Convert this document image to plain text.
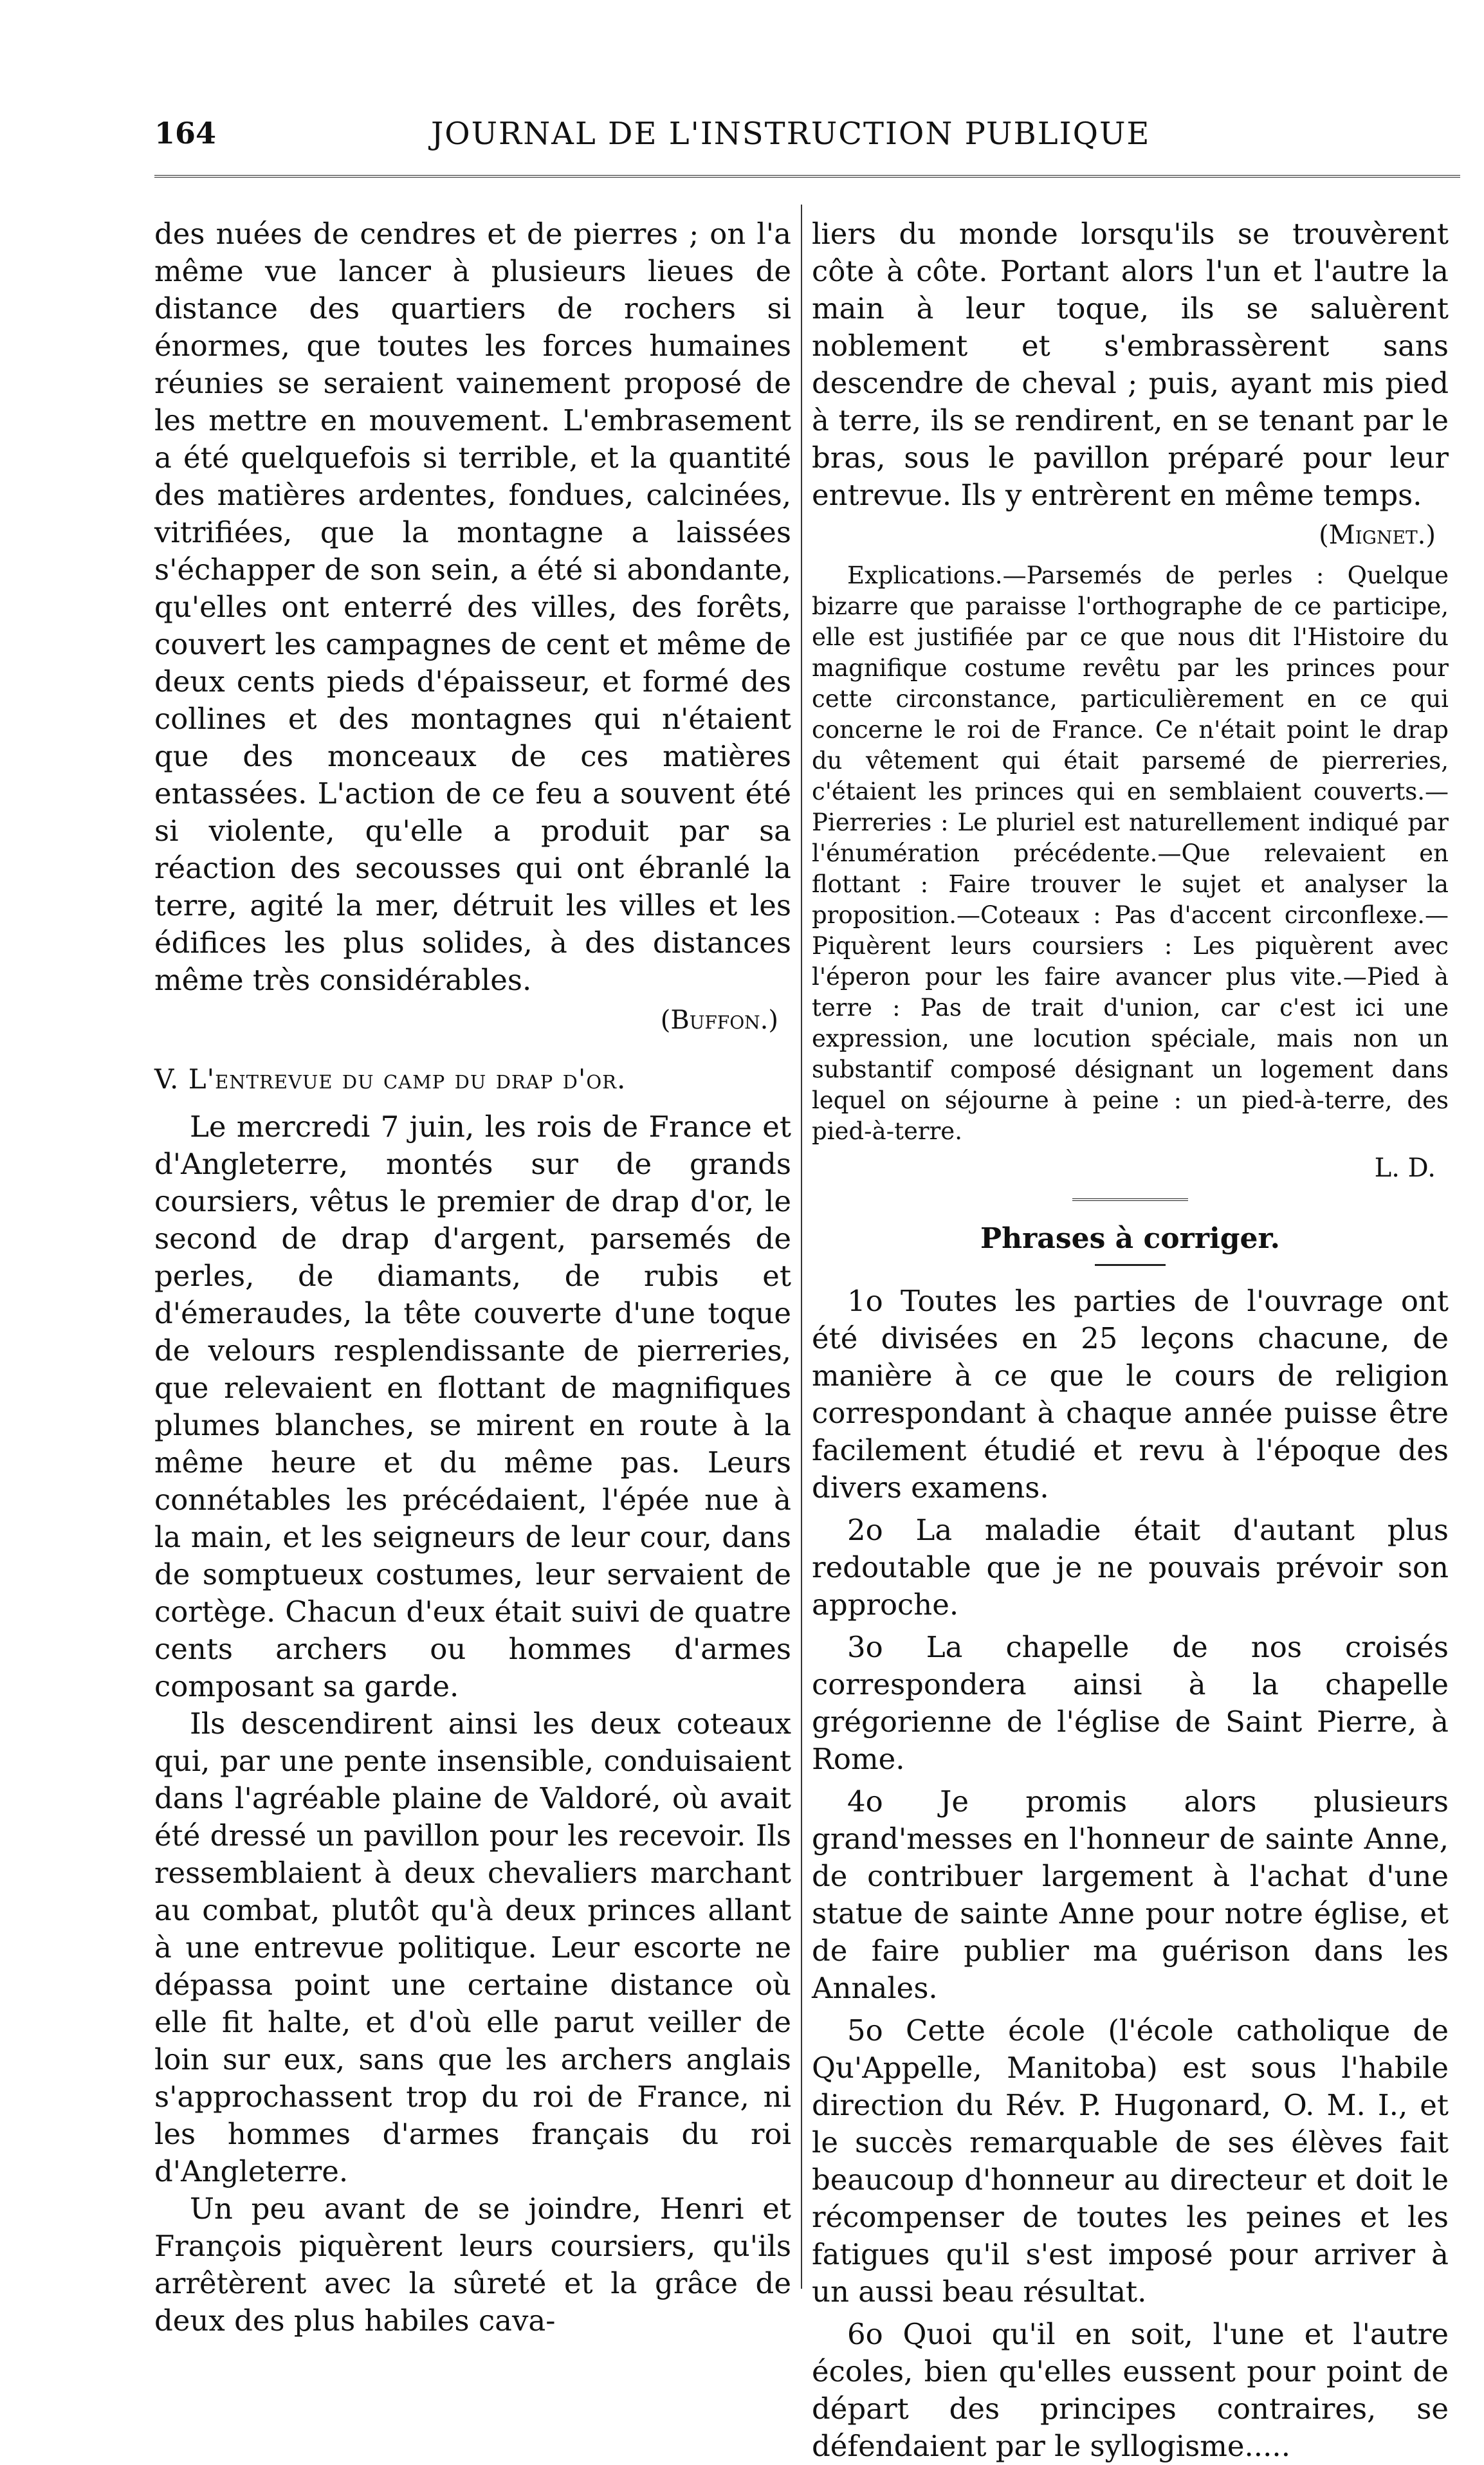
164	JOURNAL DE L'INSTRUCTION PUBLIQUE

des nuées de cendres et de pierres ; on l'a même vue lancer à plusieurs lieues de distance des quartiers de rochers si énormes, que toutes les forces humaines réunies se seraient vainement proposé de les mettre en mouvement. L'embrasement a été quelquefois si terrible, et la quantité des matières ardentes, fondues, calcinées, vitrifiées, que la montagne a laissées s'échapper de son sein, a été si abondante, qu'elles ont enterré des villes, des forêts, couvert les campagnes de cent et même de deux cents pieds d'épaisseur, et formé des collines et des montagnes qui n'étaient que des monceaux de ces matières entassées. L'action de ce feu a souvent été si violente, qu'elle a produit par sa réaction des secousses qui ont ébranlé la terre, agité la mer, détruit les villes et les édifices les plus solides, à des distances même très considérables.

(Buffon.)

V. L'entrevue du camp du drap d'or.

Le mercredi 7 juin, les rois de France et d'Angleterre, montés sur de grands coursiers, vêtus le premier de drap d'or, le second de drap d'argent, parsemés de perles, de diamants, de rubis et d'émeraudes, la tête couverte d'une toque de velours resplendissante de pierreries, que relevaient en flottant de magnifiques plumes blanches, se mirent en route à la même heure et du même pas. Leurs connétables les précédaient, l'épée nue à la main, et les seigneurs de leur cour, dans de somptueux costumes, leur servaient de cortège. Chacun d'eux était suivi de quatre cents archers ou hommes d'armes composant sa garde.

Ils descendirent ainsi les deux coteaux qui, par une pente insensible, conduisaient dans l'agréable plaine de Valdoré, où avait été dressé un pavillon pour les recevoir. Ils ressemblaient à deux chevaliers marchant au combat, plutôt qu'à deux princes allant à une entrevue politique. Leur escorte ne dépassa point une certaine distance où elle fit halte, et d'où elle parut veiller de loin sur eux, sans que les archers anglais s'approchassent trop du roi de France, ni les hommes d'armes français du roi d'Angleterre.

Un peu avant de se joindre, Henri et François piquèrent leurs coursiers, qu'ils arrêtèrent avec la sûreté et la grâce de deux des plus habiles cava-

liers du monde lorsqu'ils se trouvèrent côte à côte. Portant alors l'un et l'autre la main à leur toque, ils se saluèrent noblement et s'embrassèrent sans descendre de cheval ; puis, ayant mis pied à terre, ils se rendirent, en se tenant par le bras, sous le pavillon préparé pour leur entrevue. Ils y entrèrent en même temps.

(Mignet.)

Explications.—Parsemés de perles : Quelque bizarre que paraisse l'orthographe de ce participe, elle est justifiée par ce que nous dit l'Histoire du magnifique costume revêtu par les princes pour cette circonstance, particulièrement en ce qui concerne le roi de France. Ce n'était point le drap du vêtement qui était parsemé de pierreries, c'étaient les princes qui en semblaient couverts.—Pierreries : Le pluriel est naturellement indiqué par l'énumération précédente.—Que relevaient en flottant : Faire trouver le sujet et analyser la proposition.—Coteaux : Pas d'accent circonflexe.—Piquèrent leurs coursiers : Les piquèrent avec l'éperon pour les faire avancer plus vite.—Pied à terre : Pas de trait d'union, car c'est ici une expression, une locution spéciale, mais non un substantif composé désignant un logement dans lequel on séjourne à peine : un pied-à-terre, des pied-à-terre.

L. D.

Phrases à corriger.

1o Toutes les parties de l'ouvrage ont été divisées en 25 leçons chacune, de manière à ce que le cours de religion correspondant à chaque année puisse être facilement étudié et revu à l'époque des divers examens.

2o La maladie était d'autant plus redoutable que je ne pouvais prévoir son approche.

3o La chapelle de nos croisés correspondera ainsi à la chapelle grégorienne de l'église de Saint Pierre, à Rome.

4o Je promis alors plusieurs grand'messes en l'honneur de sainte Anne, de contribuer largement à l'achat d'une statue de sainte Anne pour notre église, et de faire publier ma guérison dans les Annales.

5o Cette école (l'école catholique de Qu'Appelle, Manitoba) est sous l'habile direction du Rév. P. Hugonard, O. M. I., et le succès remarquable de ses élèves fait beaucoup d'honneur au directeur et doit le récompenser de toutes les peines et les fatigues qu'il s'est imposé pour arriver à un aussi beau résultat.

6o Quoi qu'il en soit, l'une et l'autre écoles, bien qu'elles eussent pour point de départ des principes contraires, se défendaient par le syllogisme.....
